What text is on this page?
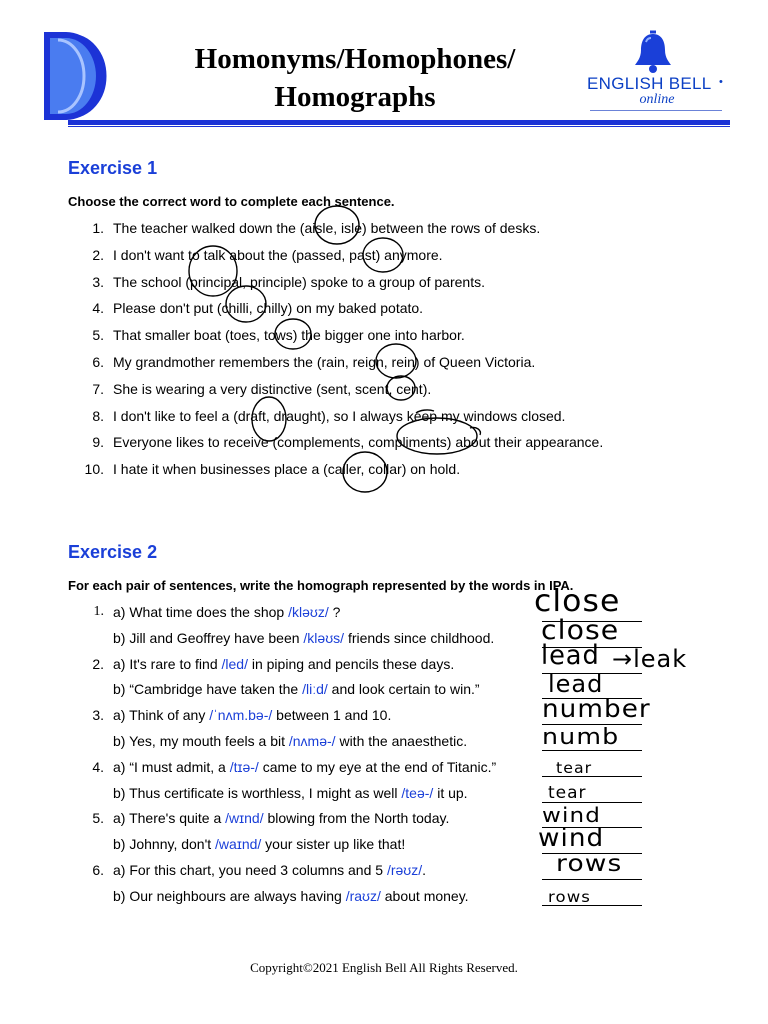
Homonyms/Homophones/
Homographs	ENGLISH BELL •
online
Exercise 1
Choose the correct word to complete each sentence.
1. The teacher walked down the (aisle, isle) between the rows of desks.
2. I don't want to talk about the (passed, past) anymore.
3. The school (principal, principle) spoke to a group of parents.
4. Please don't put (chilli, chilly) on my baked potato.
5. That smaller boat (toes, tows) the bigger one into harbor.
6. My grandmother remembers the (rain, reign, rein) of Queen Victoria.
7. She is wearing a very distinctive (sent, scent, cent).
8. I don't like to feel a (draft, draught), so I always keep my windows closed.
9. Everyone likes to receive (complements, compliments) about their appearance.
10. I hate it when businesses place a (caller, collar) on hold.
Exercise 2
For each pair of sentences, write the homograph represented by the words in IPA.
1. a) What time does the shop /kləʊz/ ?
b) Jill and Geoffrey have been /kləʊs/ friends since childhood.
2. a) It's rare to find /led/ in piping and pencils these days.
b) “Cambridge have taken the /liːd/ and look certain to win.”
3. a) Think of any /ˈnʌm.bə-/ between 1 and 10.
b) Yes, my mouth feels a bit /nʌmə-/ with the anaesthetic.
4. a) “I must admit, a /tɪə-/ came to my eye at the end of Titanic.”
b) Thus certificate is worthless, I might as well /teə-/ it up.
5. a) There's quite a /wɪnd/ blowing from the North today.
b) Johnny, don't /waɪnd/ your sister up like that!
6. a) For this chart, you need 3 columns and 5 /rəʊz/.
b) Our neighbours are always having /raʊz/ about money.
close
close
lead →leak
lead
number
numb
tear
tear
wind
wind
rows
rows
Copyright©2021 English Bell All Rights Reserved.
